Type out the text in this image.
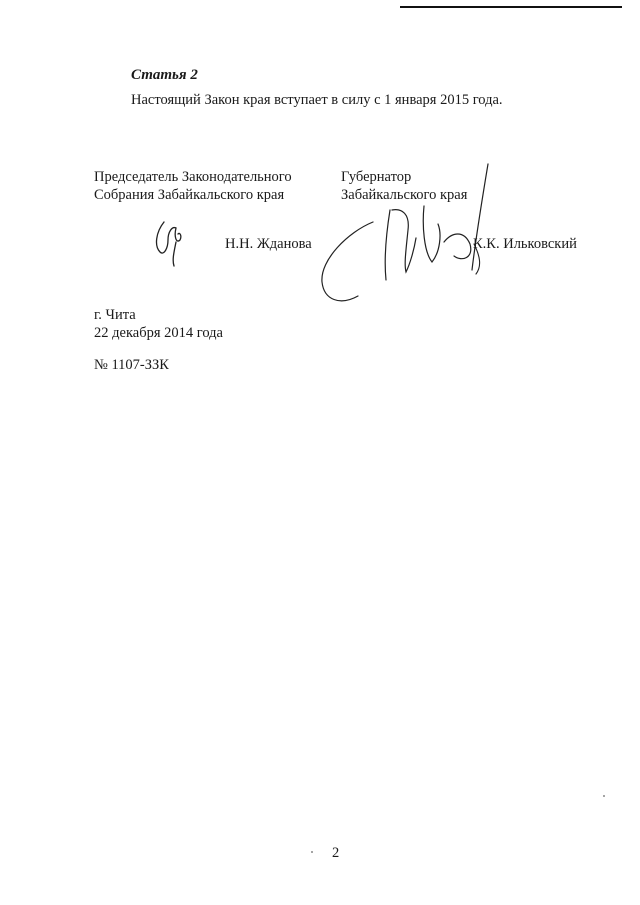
Статья 2
Настоящий Закон края вступает в силу с 1 января 2015 года.
Председатель Законодательного
Собрания Забайкальского края
Губернатор
Забайкальского края
Н.Н. Жданова	К.К. Ильковский
г. Чита
22 декабря 2014 года
№ 1107-ЗЗК
2
